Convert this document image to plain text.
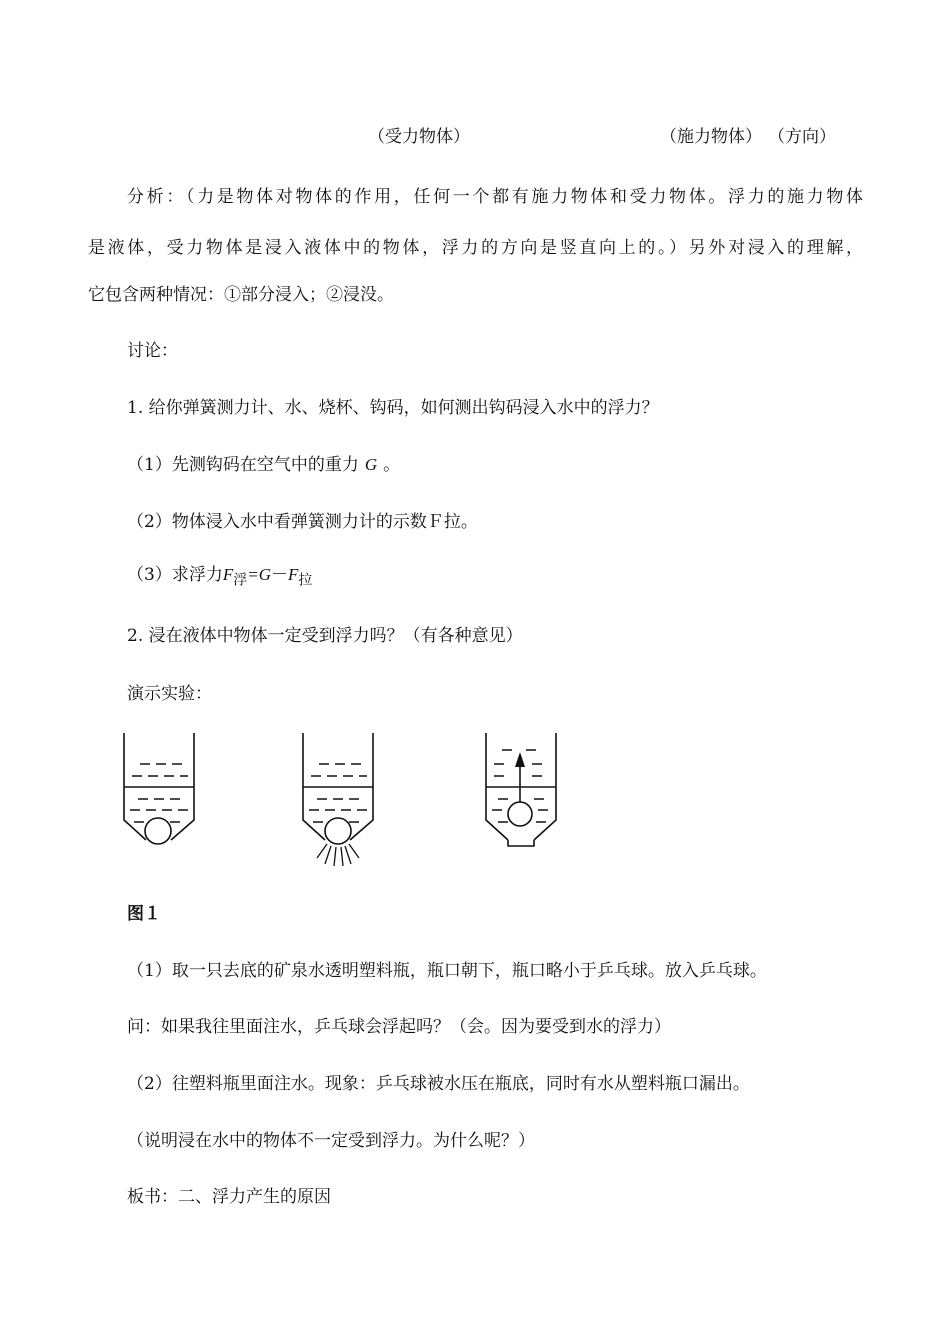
（受力物体）	（施力物体） （方向）
分析：（力是物体对物体的作用，任何一个都有施力物体和受力物体。浮力的施力物体
是液体，受力物体是浸入液体中的物体，浮力的方向是竖直向上的。）另外对浸入的理解，
它包含两种情况：①部分浸入；②浸没。
讨论：
1. 给你弹簧测力计、水、烧杯、钩码，如何测出钩码浸入水中的浮力？
（1）先测钩码在空气中的重力 G 。
（2）物体浸入水中看弹簧测力计的示数Ｆ拉。
（3）求浮力$F_浮=G-F_拉$
2. 浸在液体中物体一定受到浮力吗？（有各种意见）
演示实验：
图１
（1）取一只去底的矿泉水透明塑料瓶，瓶口朝下，瓶口略小于乒乓球。放入乒乓球。
问：如果我往里面注水，乒乓球会浮起吗？（会。因为要受到水的浮力）
（2）往塑料瓶里面注水。现象：乒乓球被水压在瓶底，同时有水从塑料瓶口漏出。
（说明浸在水中的物体不一定受到浮力。为什么呢？）
板书：二、浮力产生的原因
